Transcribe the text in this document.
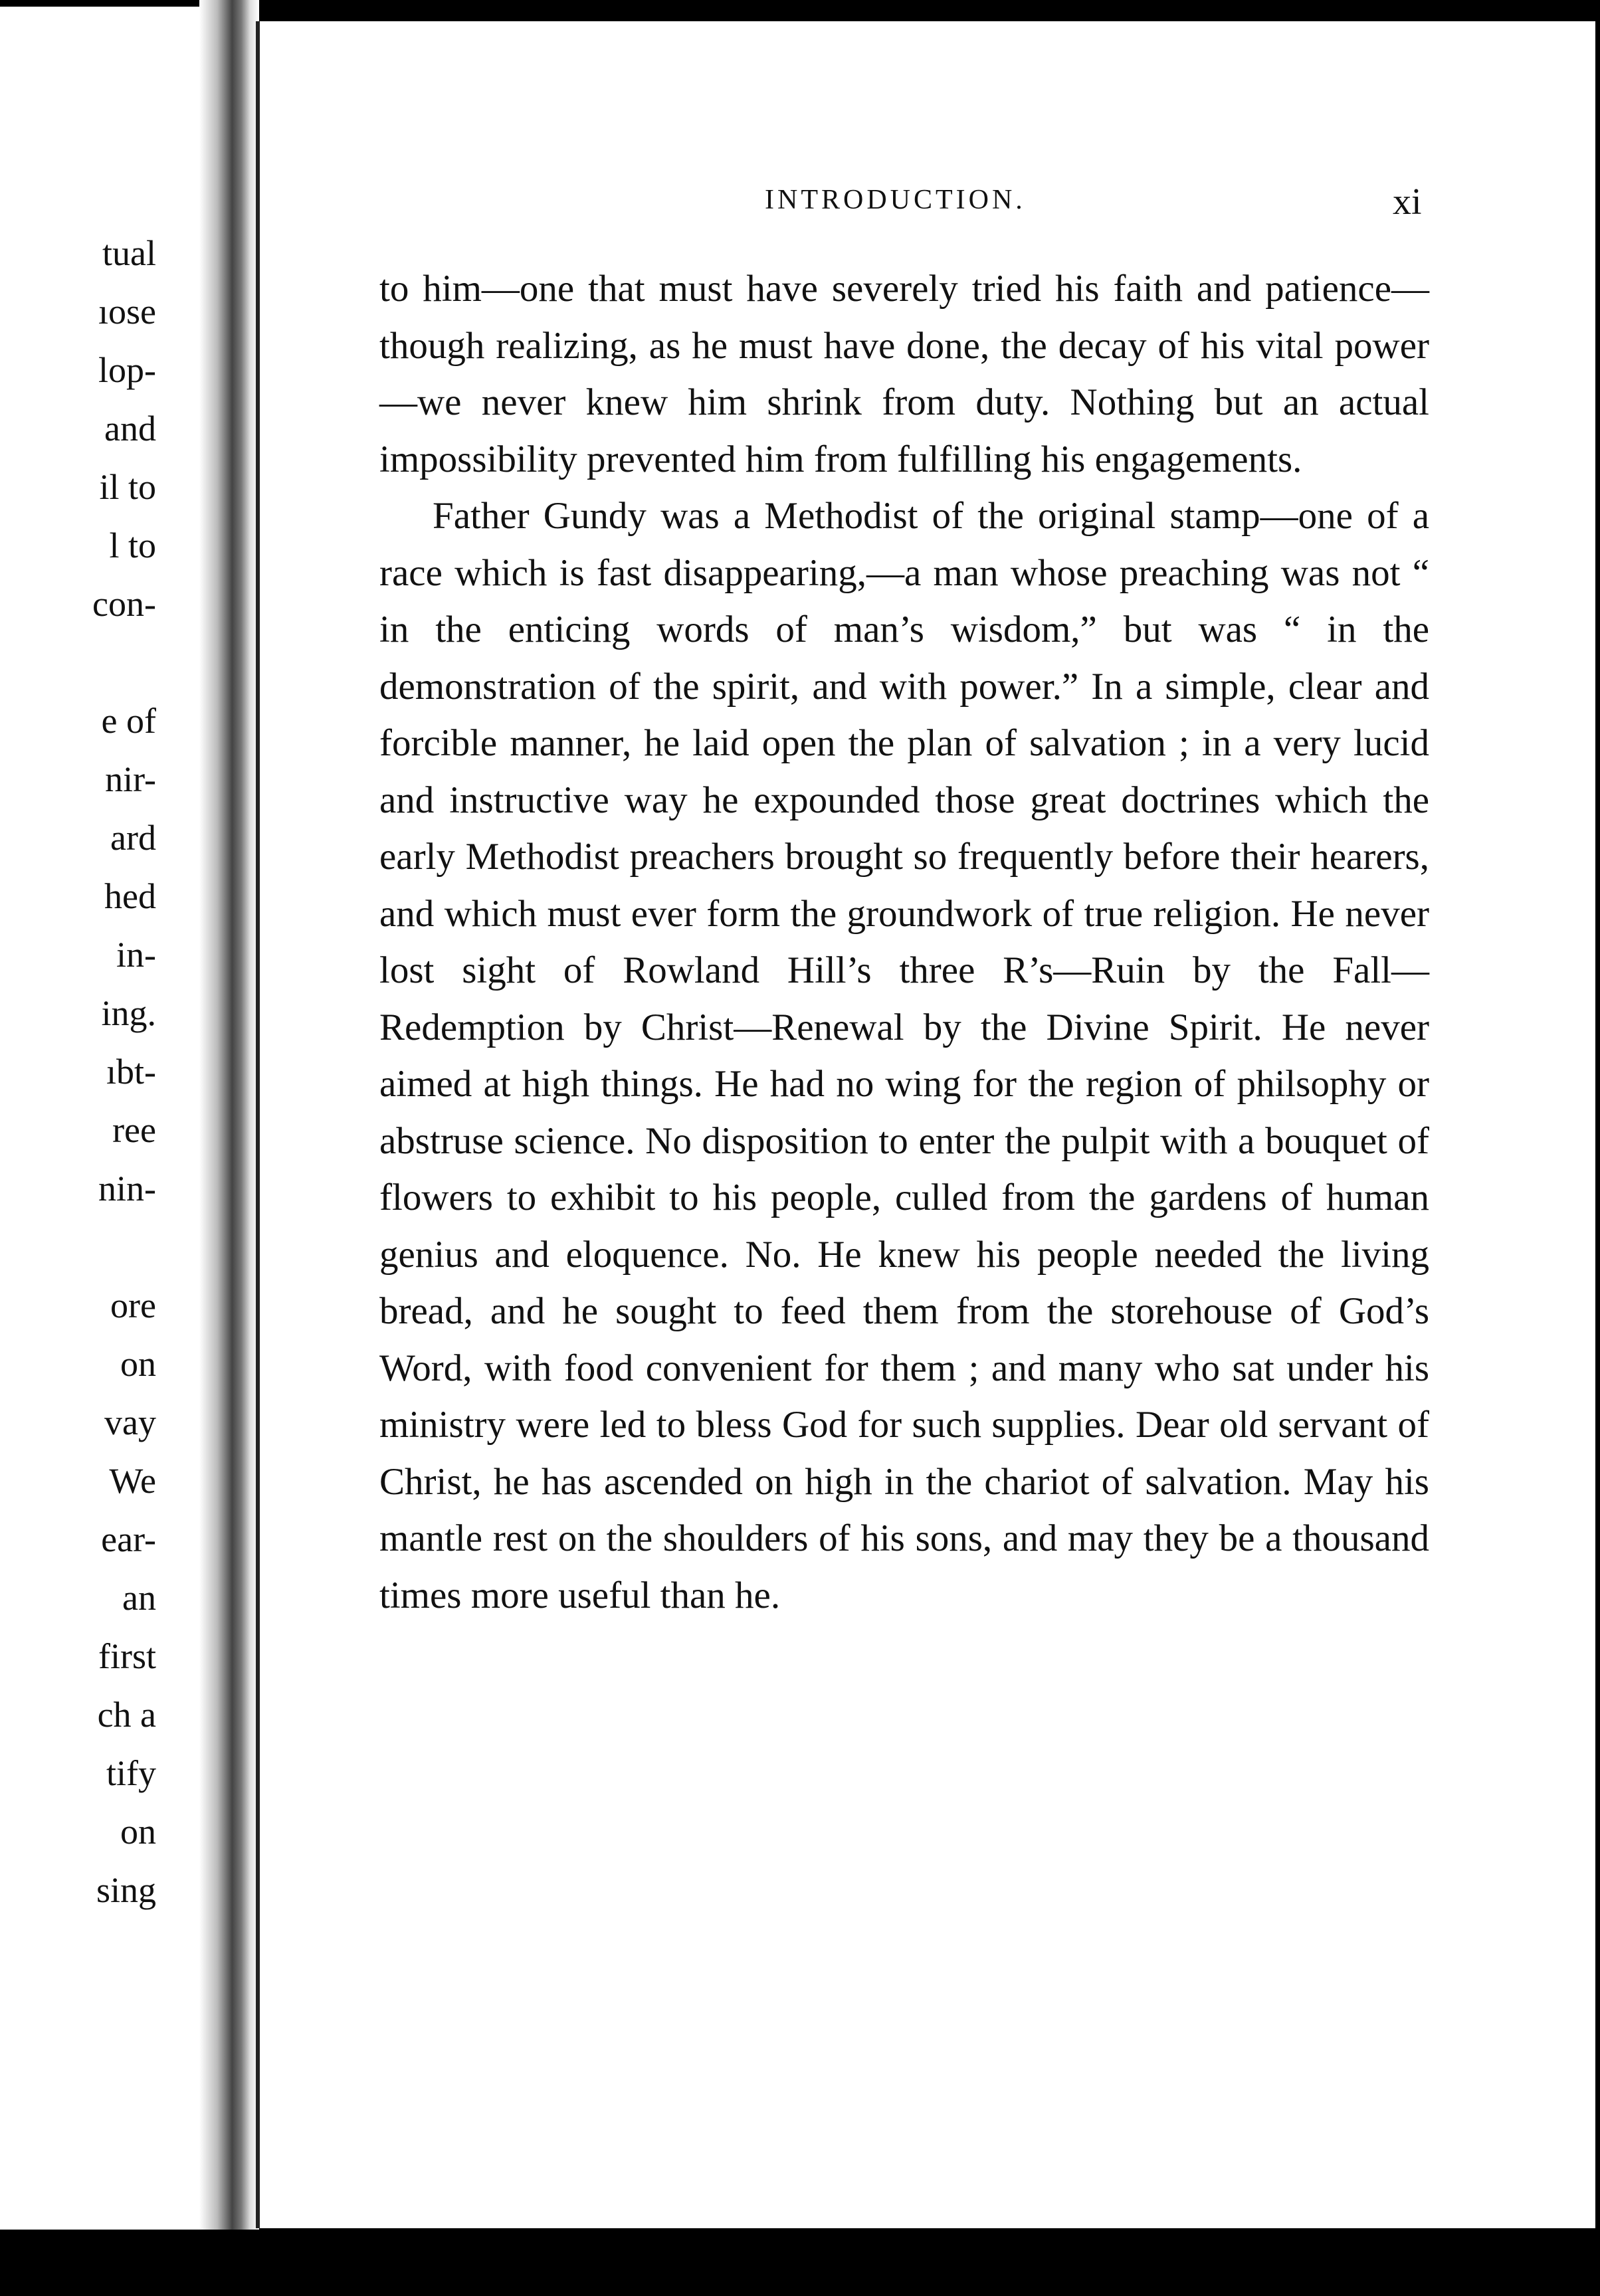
tual
ıose
lop-
and
il to
l to
con-
e of
nir-
ard
hed
in-
ing.
ıbt-
ree
nin-
ore
on
vay
We
ear-
an
first
ch a
tify
on
sing
INTRODUCTION.	xi

to him—one that must have severely tried his faith and patience—though realizing, as he must have done, the decay of his vital power—we never knew him shrink from duty. Nothing but an actual impossibility prevented him from fulfilling his engagements.

Father Gundy was a Methodist of the original stamp—one of a race which is fast disappearing,—a man whose preaching was not “ in the enticing words of man’s wisdom,” but was “ in the demonstration of the spirit, and with power.” In a simple, clear and forcible manner, he laid open the plan of salvation ; in a very lucid and instructive way he expounded those great doctrines which the early Methodist preachers brought so frequently before their hearers, and which must ever form the groundwork of true religion. He never lost sight of Rowland Hill’s three R’s—Ruin by the Fall—Redemption by Christ—Renewal by the Divine Spirit. He never aimed at high things. He had no wing for the region of philsophy or abstruse science. No disposition to enter the pulpit with a bouquet of flowers to exhibit to his people, culled from the gardens of human genius and eloquence. No. He knew his people needed the living bread, and he sought to feed them from the storehouse of God’s Word, with food convenient for them ; and many who sat under his ministry were led to bless God for such supplies. Dear old servant of Christ, he has ascended on high in the chariot of salvation. May his mantle rest on the shoulders of his sons, and may they be a thousand times more useful than he.
